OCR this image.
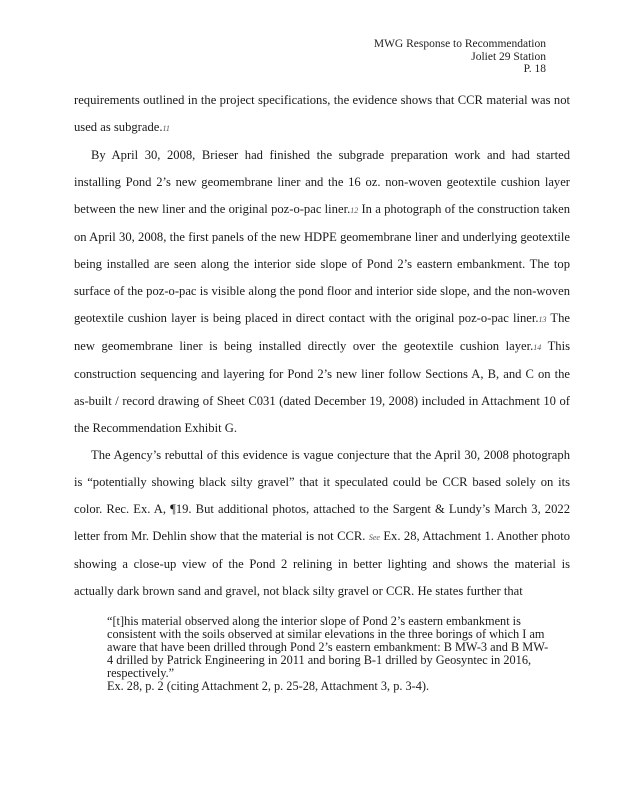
MWG Response to Recommendation
Joliet 29 Station
P. 18

requirements outlined in the project specifications, the evidence shows that CCR material was not used as subgrade.11

By April 30, 2008, Brieser had finished the subgrade preparation work and had started installing Pond 2’s new geomembrane liner and the 16 oz. non-woven geotextile cushion layer between the new liner and the original poz-o-pac liner.12 In a photograph of the construction taken on April 30, 2008, the first panels of the new HDPE geomembrane liner and underlying geotextile being installed are seen along the interior side slope of Pond 2’s eastern embankment. The top surface of the poz-o-pac is visible along the pond floor and interior side slope, and the non-woven geotextile cushion layer is being placed in direct contact with the original poz-o-pac liner.13 The new geomembrane liner is being installed directly over the geotextile cushion layer.14 This construction sequencing and layering for Pond 2’s new liner follow Sections A, B, and C on the as-built / record drawing of Sheet C031 (dated December 19, 2008) included in Attachment 10 of the Recommendation Exhibit G.

The Agency’s rebuttal of this evidence is vague conjecture that the April 30, 2008 photograph is “potentially showing black silty gravel” that it speculated could be CCR based solely on its color. Rec. Ex. A, ¶19. But additional photos, attached to the Sargent & Lundy’s March 3, 2022 letter from Mr. Dehlin show that the material is not CCR. See Ex. 28, Attachment 1. Another photo showing a close-up view of the Pond 2 relining in better lighting and shows the material is actually dark brown sand and gravel, not black silty gravel or CCR. He states further that

“[t]his material observed along the interior slope of Pond 2’s eastern embankment is consistent with the soils observed at similar elevations in the three borings of which I am aware that have been drilled through Pond 2’s eastern embankment: B MW-3 and B MW-4 drilled by Patrick Engineering in 2011 and boring B-1 drilled by Geosyntec in 2016, respectively.”

Ex. 28, p. 2 (citing Attachment 2, p. 25-28, Attachment 3, p. 3-4).
